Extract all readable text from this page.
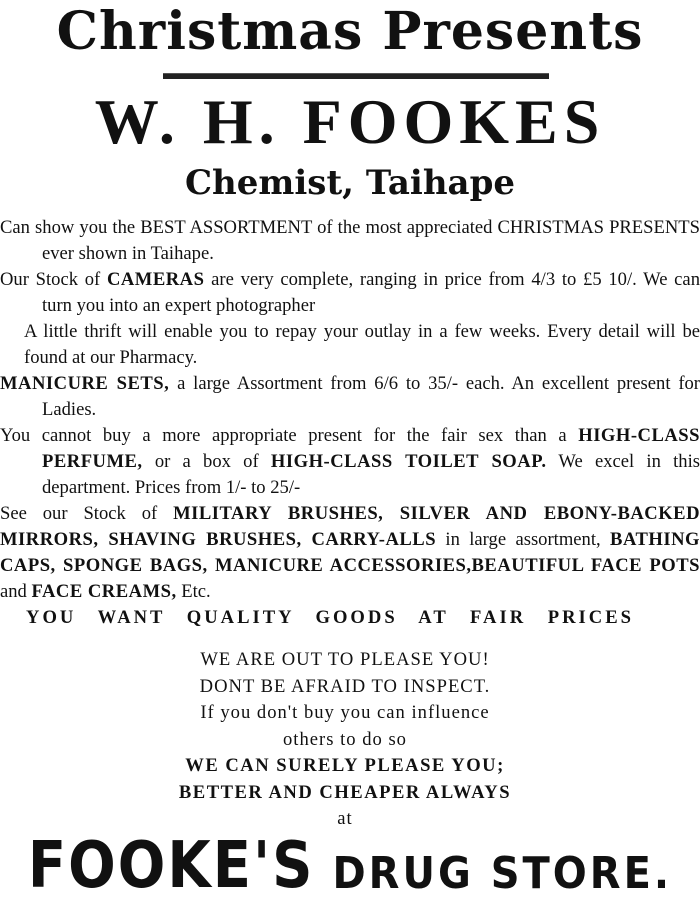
Christmas Presents
W. H. FOOKES
Chemist, Taihape

Can show you the BEST ASSORTMENT of the most appreciated CHRISTMAS PRESENTS ever shown in Taihape.

Our Stock of CAMERAS are very complete, ranging in price from 4/3 to £5 10/. We can turn you into an expert photographer

A little thrift will enable you to repay your outlay in a few weeks. Every detail will be found at our Pharmacy.

MANICURE SETS, a large Assortment from 6/6 to 35/- each. An excellent present for Ladies.

You cannot buy a more appropriate present for the fair sex than a HIGH-CLASS PERFUME, or a box of HIGH-CLASS TOILET SOAP. We excel in this department. Prices from 1/- to 25/-

See our Stock of MILITARY BRUSHES, SILVER AND EBONY-BACKED MIRRORS, SHAVING BRUSHES, CARRY-ALLS in large assortment, BATHING CAPS, SPONGE BAGS, MANICURE ACCESSORIES,BEAUTIFUL FACE POTS and FACE CREAMS, Etc.

YOU WANT QUALITY GOODS AT FAIR PRICES

WE ARE OUT TO PLEASE YOU!
DONT BE AFRAID TO INSPECT.
If you don't buy you can influence
others to do so
WE CAN SURELY PLEASE YOU;
BETTER AND CHEAPER ALWAYS
at
FOOKE'S DRUG STORE.
